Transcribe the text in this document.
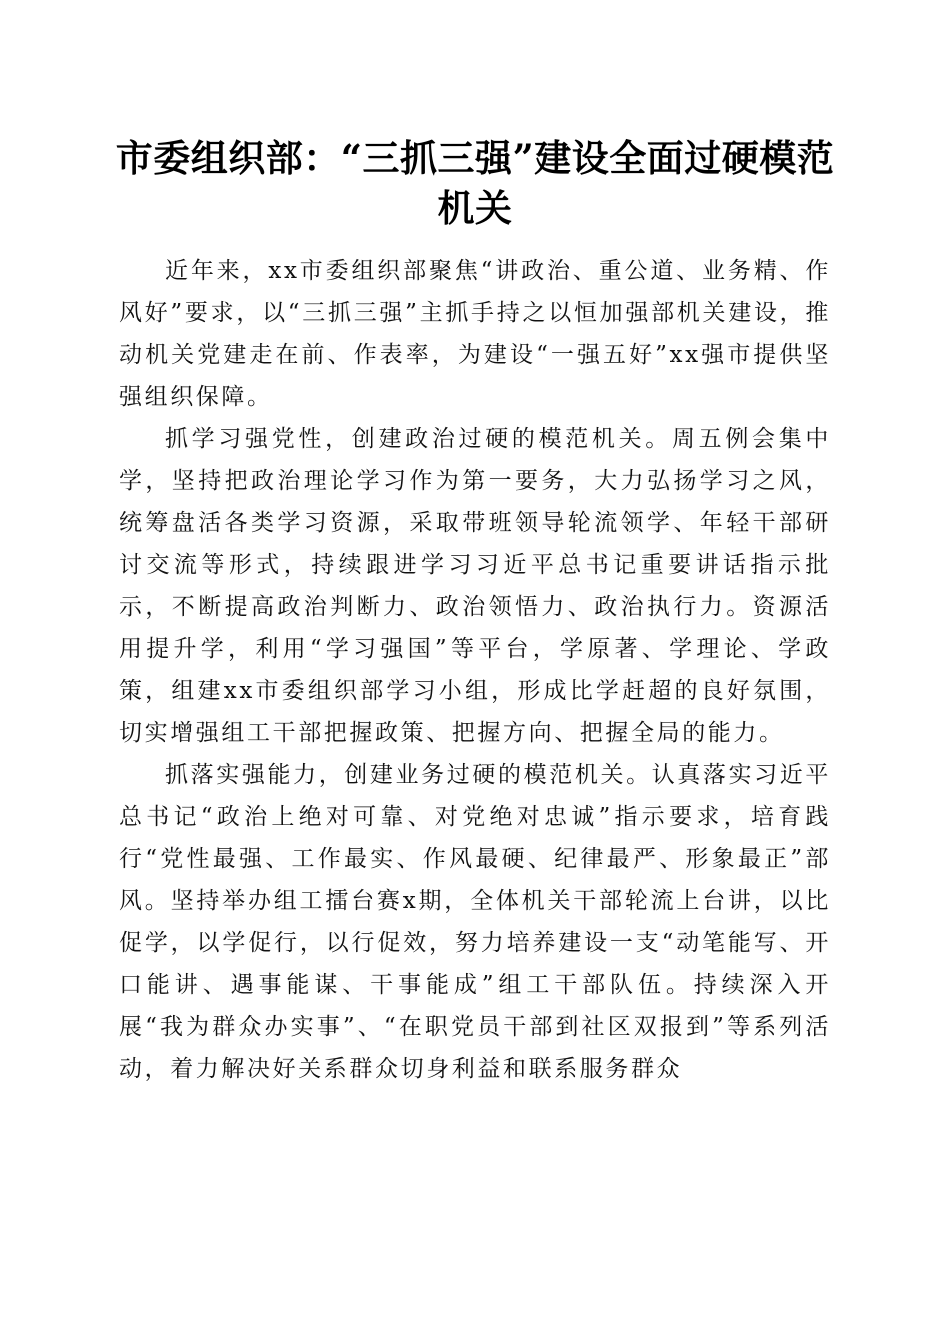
市委组织部：“三抓三强”建设全面过硬模范机关

近年来，xx市委组织部聚焦“讲政治、重公道、业务精、作风好”要求，以“三抓三强”主抓手持之以恒加强部机关建设，推动机关党建走在前、作表率，为建设“一强五好”xx强市提供坚强组织保障。

抓学习强党性，创建政治过硬的模范机关。周五例会集中学，坚持把政治理论学习作为第一要务，大力弘扬学习之风，统筹盘活各类学习资源，采取带班领导轮流领学、年轻干部研讨交流等形式，持续跟进学习习近平总书记重要讲话指示批示，不断提高政治判断力、政治领悟力、政治执行力。资源活用提升学，利用“学习强国”等平台，学原著、学理论、学政策，组建xx市委组织部学习小组，形成比学赶超的良好氛围，切实增强组工干部把握政策、把握方向、把握全局的能力。

抓落实强能力，创建业务过硬的模范机关。认真落实习近平总书记“政治上绝对可靠、对党绝对忠诚”指示要求，培育践行“党性最强、工作最实、作风最硬、纪律最严、形象最正”部风。坚持举办组工擂台赛x期，全体机关干部轮流上台讲，以比促学，以学促行，以行促效，努力培养建设一支“动笔能写、开口能讲、遇事能谋、干事能成”组工干部队伍。持续深入开展“我为群众办实事”、“在职党员干部到社区双报到”等系列活动，着力解决好关系群众切身利益和联系服务群众
